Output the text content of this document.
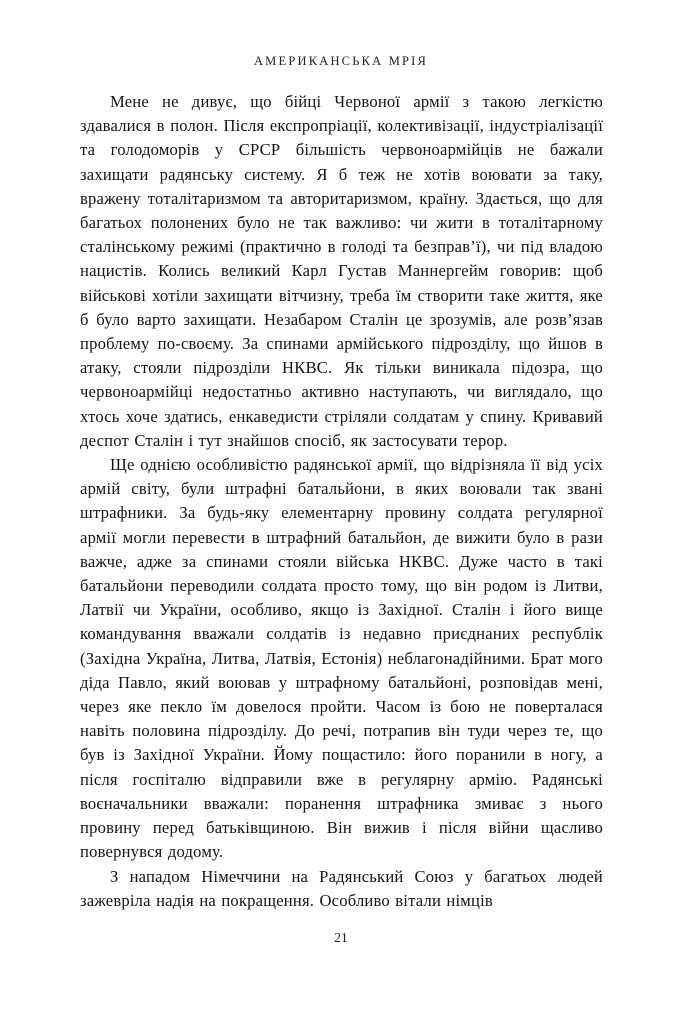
АМЕРИКАНСЬКА МРІЯ

Мене не дивує, що бійці Червоної армії з такою легкістю здавалися в полон. Після експропріації, колективізації, індустріалізації та голодоморів у СРСР більшість червоноармійців не бажали захищати радянську систему. Я б теж не хотів воювати за таку, вражену тоталітаризмом та авторитаризмом, країну. Здається, що для багатьох полонених було не так важливо: чи жити в тоталітарному сталінському режимі (практично в голоді та безправ’ї), чи під владою нацистів. Колись великий Карл Густав Маннергейм говорив: щоб військові хотіли захищати вітчизну, треба їм створити таке життя, яке б було варто захищати. Незабаром Сталін це зрозумів, але розв’язав проблему по-своєму. За спинами армійського підрозділу, що йшов в атаку, стояли підрозділи НКВС. Як тільки виникала підозра, що червоноармійці недостатньо активно наступають, чи виглядало, що хтось хоче здатись, енкаведисти стріляли солдатам у спину. Кривавий деспот Сталін і тут знайшов спосіб, як застосувати терор.

Ще однією особливістю радянської армії, що відрізняла її від усіх армій світу, були штрафні батальйони, в яких воювали так звані штрафники. За будь-яку елементарну провину солдата регулярної армії могли перевести в штрафний батальйон, де вижити було в рази важче, адже за спинами стояли війська НКВС. Дуже часто в такі батальйони переводили солдата просто тому, що він родом із Литви, Латвії чи України, особливо, якщо із Західної. Сталін і його вище командування вважали солдатів із недавно приєднаних республік (Західна Україна, Литва, Латвія, Естонія) неблагонадійними. Брат мого діда Павло, який воював у штрафному батальйоні, розповідав мені, через яке пекло їм довелося пройти. Часом із бою не поверталася навіть половина підрозділу. До речі, потрапив він туди через те, що був із Західної України. Йому пощастило: його поранили в ногу, а після госпіталю відправили вже в регулярну армію. Радянські воєначальники вважали: поранення штрафника змиває з нього провину перед батьківщиною. Він вижив і після війни щасливо повернувся додому.

З нападом Німеччини на Радянський Союз у багатьох людей зажевріла надія на покращення. Особливо вітали німців

21
